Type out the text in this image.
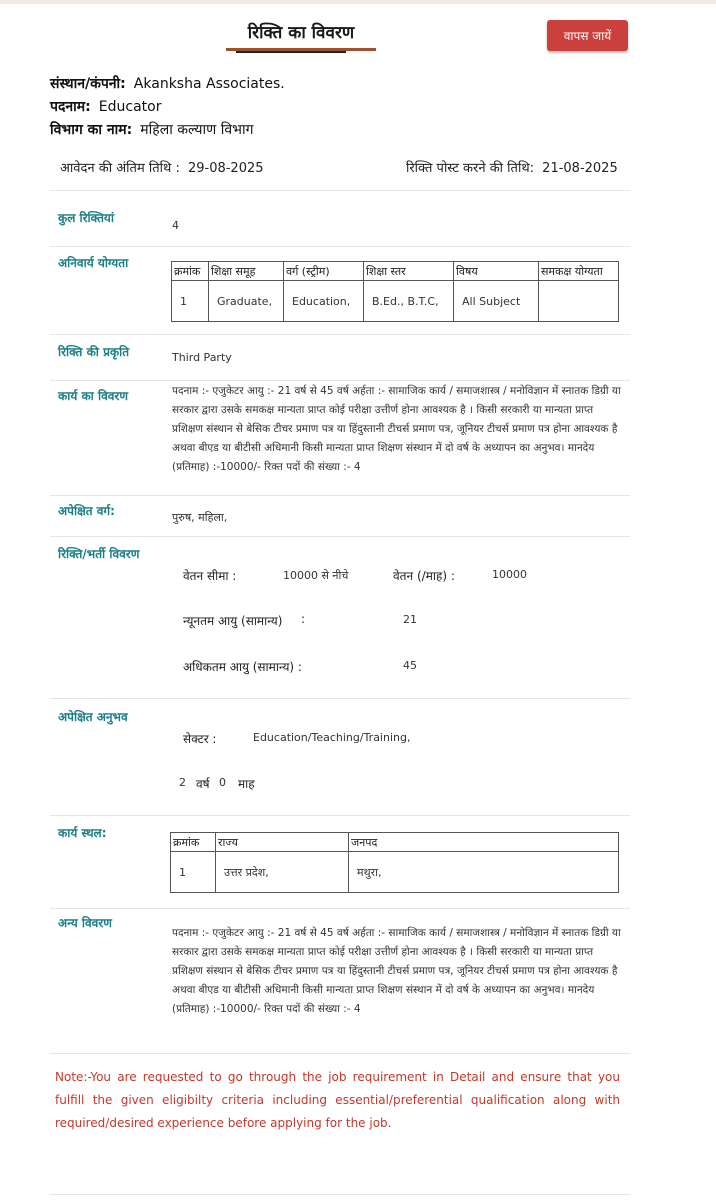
रिक्ति का विवरण	वापस जायें
संस्थान/कंपनी: Akanksha Associates.
पदनाम: Educator
विभाग का नाम: महिला कल्याण विभाग
आवेदन की अंतिम तिथि : 29-08-2025	रिक्ति पोस्ट करने की तिथि: 21-08-2025
कुल रिक्तियां
4
अनिवार्य योग्यता
क्रमांक	शिक्षा समूह	वर्ग (स्ट्रीम)	शिक्षा स्तर	विषय	समकक्ष योग्यता
1	Graduate,	Education,	B.Ed., B.T.C,	All Subject	
रिक्ति की प्रकृति	Third Party
कार्य का विवरण	पदनाम :- एजुकेटर आयु :- 21 वर्ष से 45 वर्ष अर्हता :- सामाजिक कार्य / समाजशास्त्र / मनोविज्ञान में स्नातक डिग्री या सरकार द्वारा उसके समकक्ष मान्यता प्राप्त कोई परीक्षा उत्तीर्ण होना आवश्यक है । किसी सरकारी या मान्यता प्राप्त प्रशिक्षण संस्थान से बेसिक टीचर प्रमाण पत्र या हिंदुस्तानी टीचर्स प्रमाण पत्र, जूनियर टीचर्स प्रमाण पत्र होना आवश्यक है अथवा बीएड या बीटीसी अधिमानी किसी मान्यता प्राप्त शिक्षण संस्थान में दो वर्ष के अध्यापन का अनुभव। मानदेय (प्रतिमाह) :-10000/- रिक्त पदों की संख्या :- 4
अपेक्षित वर्ग:	पुरुष, महिला,
रिक्ति/भर्ती विवरण
वेतन सीमा :	10000 से नीचे	वेतन (/माह) :	10000
न्यूनतम आयु (सामान्य) :	21
अधिकतम आयु (सामान्य) :	45
अपेक्षित अनुभव
सेक्टर :	Education/Teaching/Training,
2 वर्ष 0 माह
कार्य स्थल:
क्रमांक	राज्य	जनपद
1	उत्तर प्रदेश,	मथुरा,
अन्य विवरण
पदनाम :- एजुकेटर आयु :- 21 वर्ष से 45 वर्ष अर्हता :- सामाजिक कार्य / समाजशास्त्र / मनोविज्ञान में स्नातक डिग्री या सरकार द्वारा उसके समकक्ष मान्यता प्राप्त कोई परीक्षा उत्तीर्ण होना आवश्यक है । किसी सरकारी या मान्यता प्राप्त प्रशिक्षण संस्थान से बेसिक टीचर प्रमाण पत्र या हिंदुस्तानी टीचर्स प्रमाण पत्र, जूनियर टीचर्स प्रमाण पत्र होना आवश्यक है अथवा बीएड या बीटीसी अधिमानी किसी मान्यता प्राप्त शिक्षण संस्थान में दो वर्ष के अध्यापन का अनुभव। मानदेय (प्रतिमाह) :-10000/- रिक्त पदों की संख्या :- 4
Note:-You are requested to go through the job requirement in Detail and ensure that you fulfill the given eligibilty criteria including essential/preferential qualification along with required/desired experience before applying for the job.
